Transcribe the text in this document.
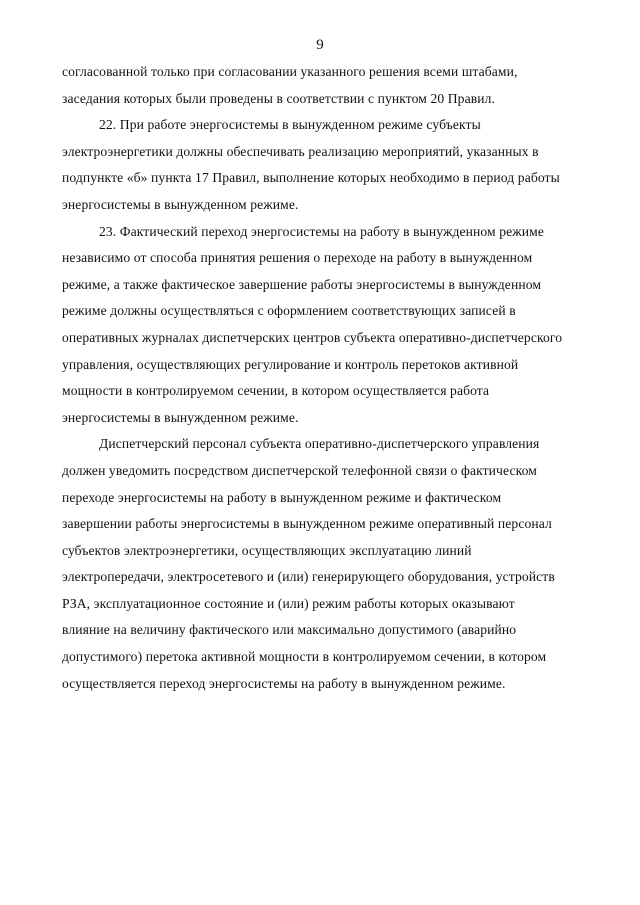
9

согласованной только при согласовании указанного решения всеми штабами,
заседания которых были проведены в соответствии с пунктом 20 Правил.

22. При работе энергосистемы в вынужденном режиме субъекты
электроэнергетики должны обеспечивать реализацию мероприятий, указанных в
подпункте «б» пункта 17 Правил, выполнение которых необходимо в период работы
энергосистемы в вынужденном режиме.

23. Фактический переход энергосистемы на работу в вынужденном режиме
независимо от способа принятия решения о переходе на работу в вынужденном
режиме, а также фактическое завершение работы энергосистемы в вынужденном
режиме должны осуществляться с оформлением соответствующих записей в
оперативных журналах диспетчерских центров субъекта оперативно-диспетчерского
управления, осуществляющих регулирование и контроль перетоков активной
мощности в контролируемом сечении, в котором осуществляется работа
энергосистемы в вынужденном режиме.

Диспетчерский персонал субъекта оперативно-диспетчерского управления
должен уведомить посредством диспетчерской телефонной связи о фактическом
переходе энергосистемы на работу в вынужденном режиме и фактическом
завершении работы энергосистемы в вынужденном режиме оперативный персонал
субъектов электроэнергетики, осуществляющих эксплуатацию линий
электропередачи, электросетевого и (или) генерирующего оборудования, устройств
РЗА, эксплуатационное состояние и (или) режим работы которых оказывают
влияние на величину фактического или максимально допустимого (аварийно
допустимого) перетока активной мощности в контролируемом сечении, в котором
осуществляется переход энергосистемы на работу в вынужденном режиме.
